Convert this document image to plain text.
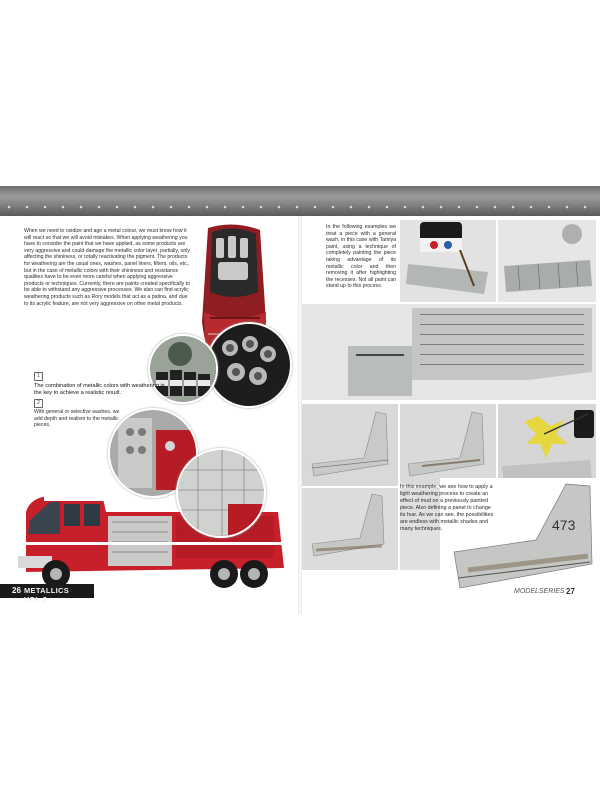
When we need to oxidize and age a metal colour, we must know how it will react so that we will avoid mistakes. When applying weathering you have to consider the paint that we have applied, as some products are very aggressive and could damage the metallic color layer, partially, only affecting the shininess, or totally reactivating the pigment. The products for weathering are the usual ones, washes, panel liners, filters, oils, etc., but in the case of metallic colors with their shininess and resistance qualities have to be even more careful when applying aggressive products or techniques. Currently, there are paints created specifically to be able to withstand any aggressive processes. We also can find acrylic weathering products such as Rory models that act as a patina, and due to its acrylic feature, are not very aggressive on other metal products.

1

The combination of metallic colors with weathering is the key to achieve a realistic result.

2

With general or selective washes, we add depth and realism to the metallic pieces.

METALLICS VOL.2
26

In the following examples we treat a piece with a general wash, in this case with Tamiya paint, using a technique of completely painting the piece taking advantage of its metallic color and then removing it after highlighting the recesses. Not all paint can stand up to this process.

473

In this example, we see how to apply a light weathering process to create an effect of mud on a previously painted piece. Also defining a panel to change its hue. As we can see, the possibilities are endless with metallic shades and many techniques.

MODELSERIES 27
